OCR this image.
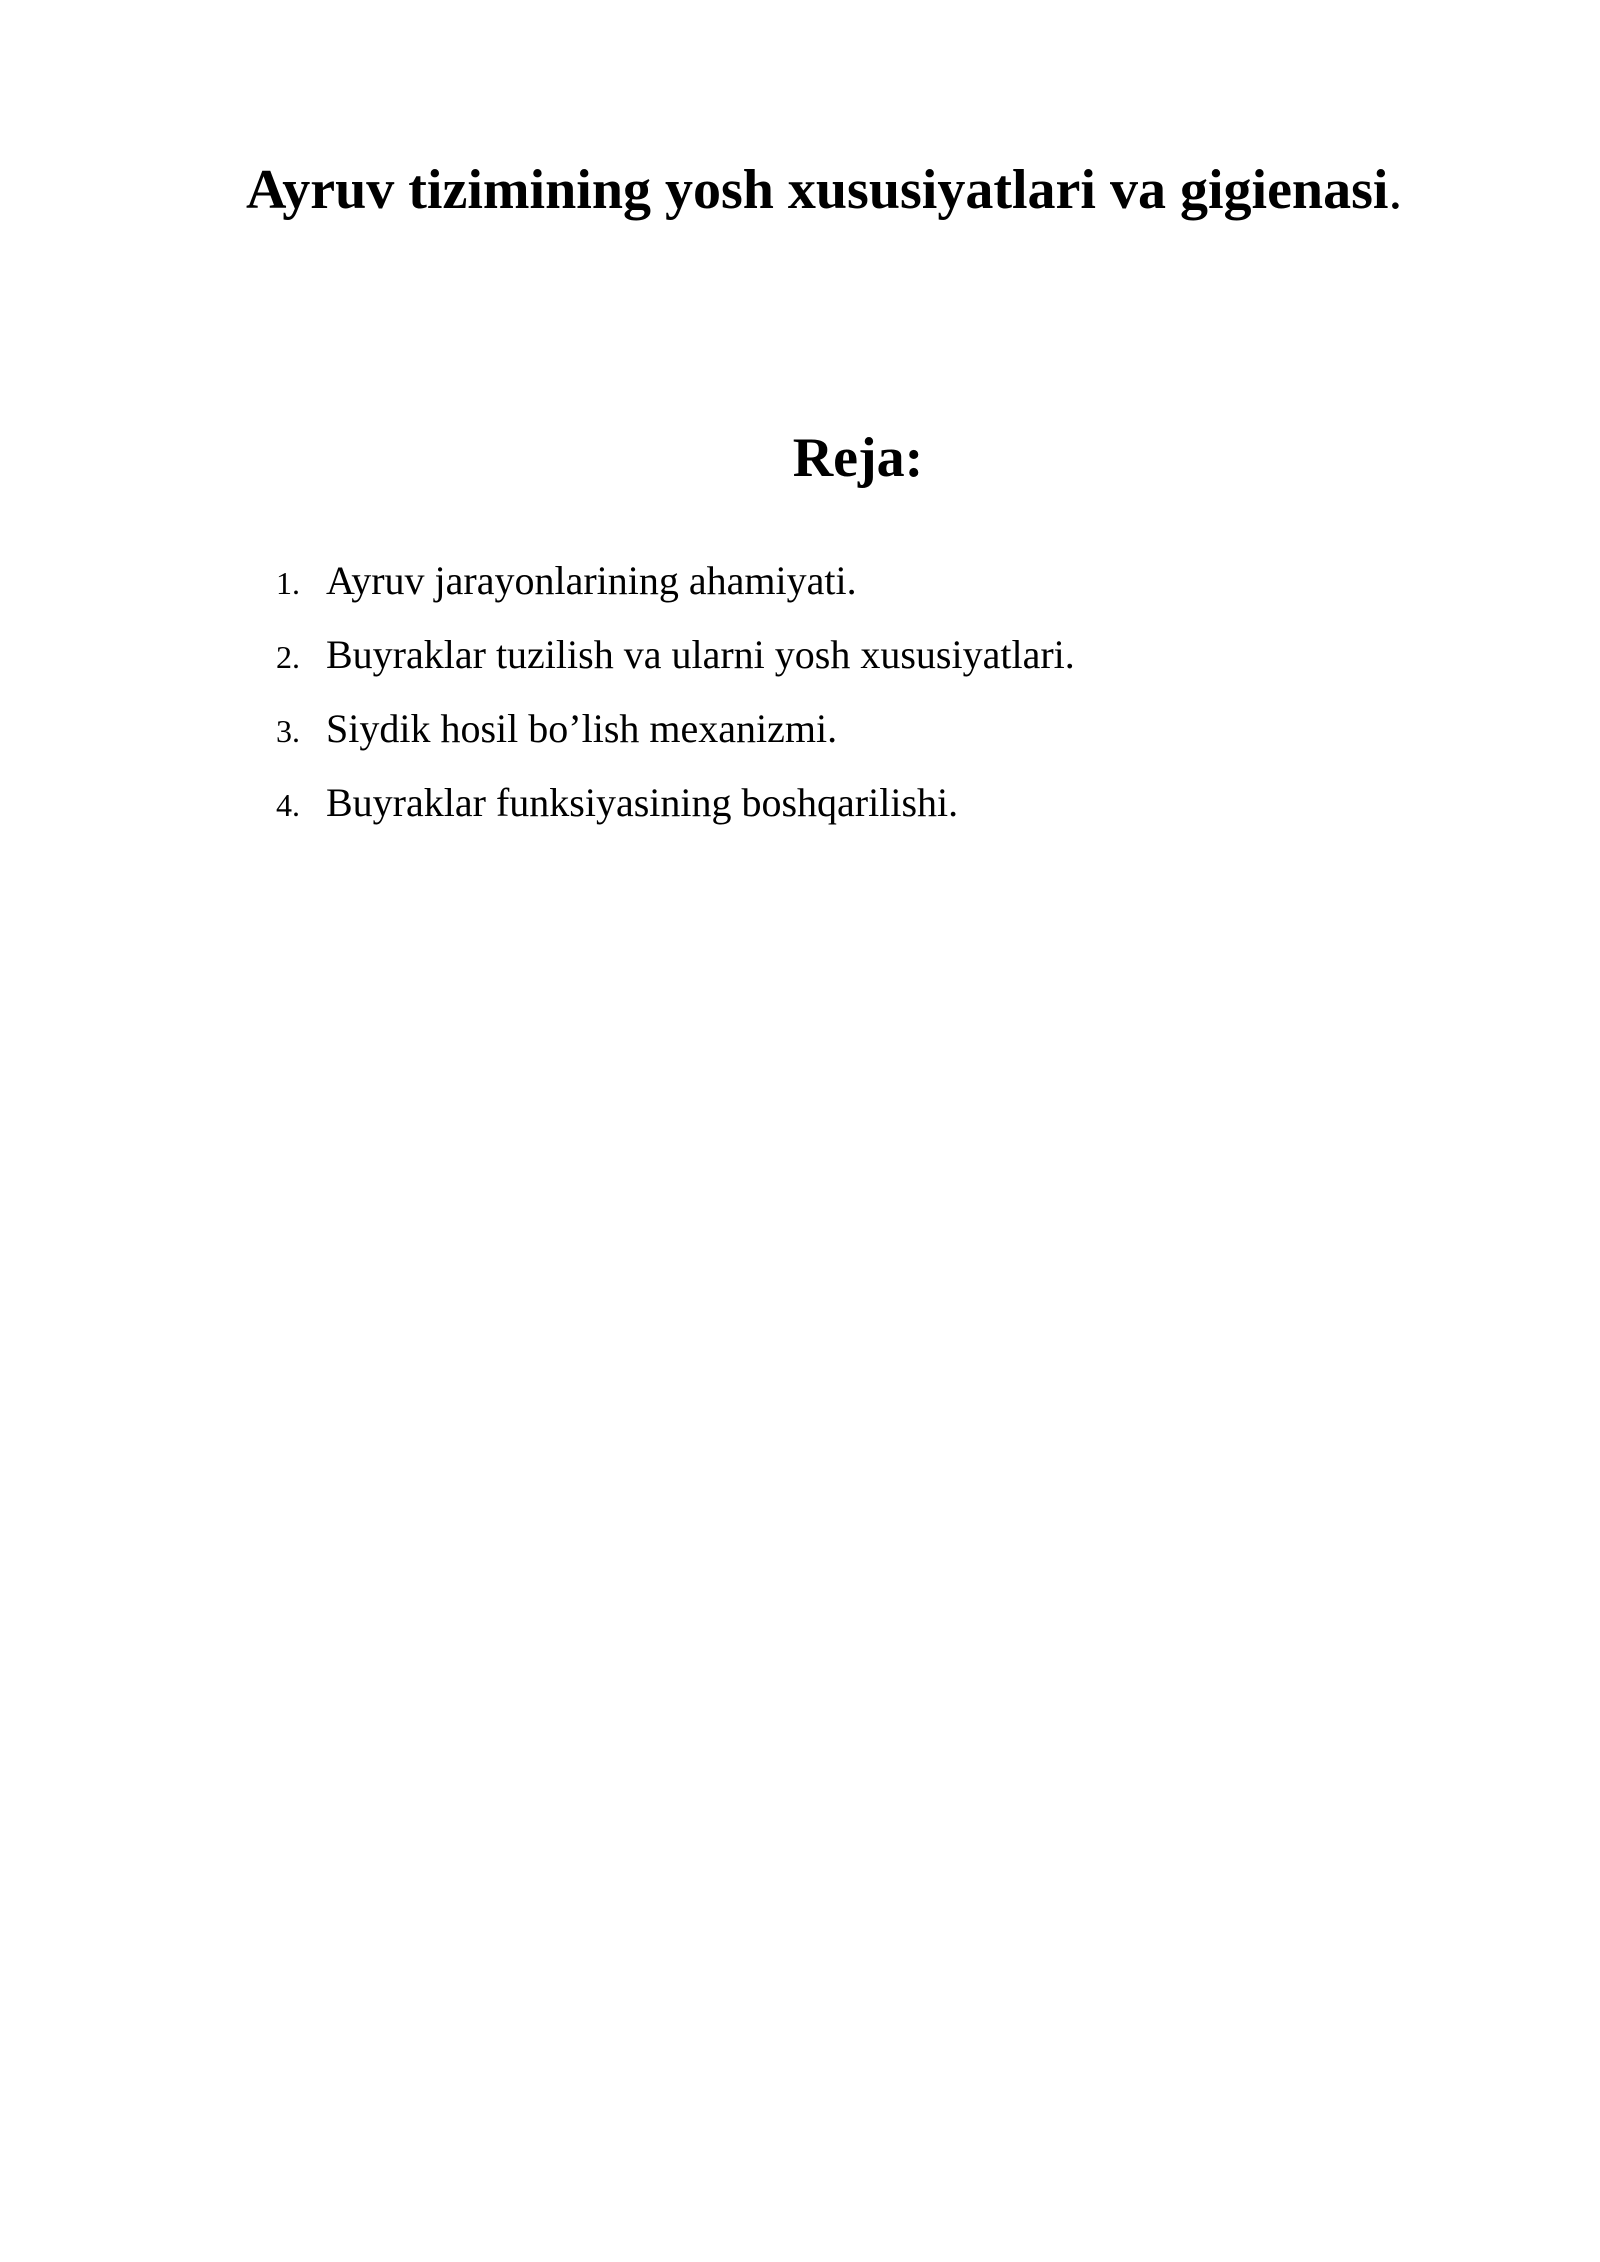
Ayruv tizimining yosh xususiyatlari va gigienasi.
Reja:
1. Ayruv jarayonlarining ahamiyati.
2. Buyraklar tuzilish va ularni yosh xususiyatlari.
3. Siydik hosil bo’lish mexanizmi.
4. Buyraklar funksiyasining boshqarilishi.
